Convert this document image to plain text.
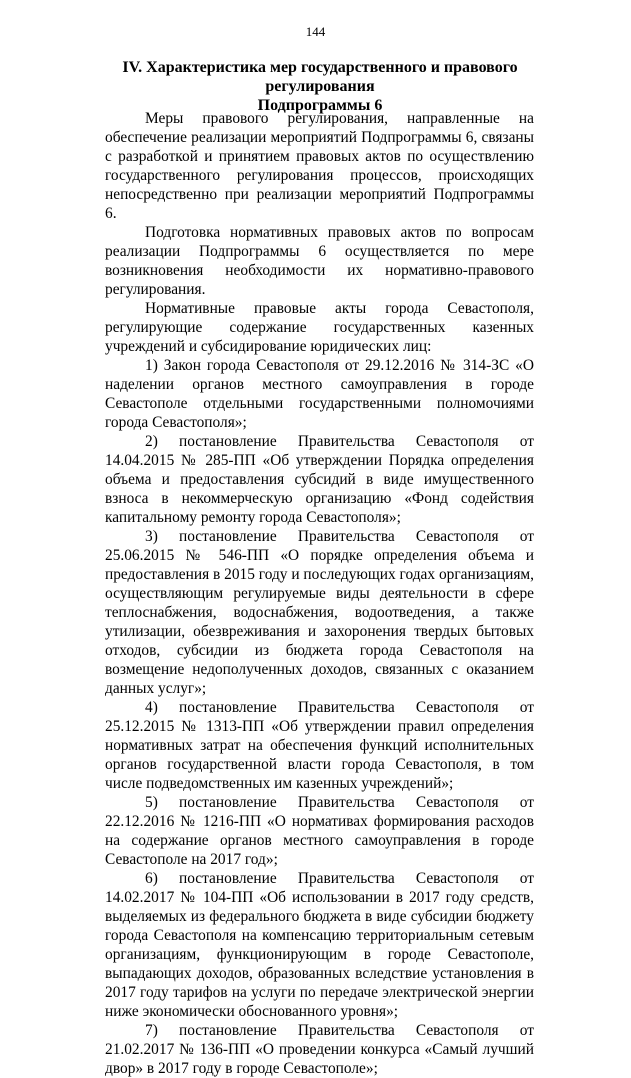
144
IV. Характеристика мер государственного и правового регулирования
Подпрограммы 6

Меры правового регулирования, направленные на обеспечение реализации мероприятий Подпрограммы 6, связаны с разработкой и принятием правовых актов по осуществлению государственного регулирования процессов, происходящих непосредственно при реализации мероприятий Подпрограммы 6.

Подготовка нормативных правовых актов по вопросам реализации Подпрограммы 6 осуществляется по мере возникновения необходимости их нормативно-правового регулирования.

Нормативные правовые акты города Севастополя, регулирующие содержание государственных казенных учреждений и субсидирование юридических лиц:

1) Закон города Севастополя от 29.12.2016 № 314-ЗС «О наделении органов местного самоуправления в городе Севастополе отдельными государственными полномочиями города Севастополя»;

2) постановление Правительства Севастополя от 14.04.2015 № 285-ПП «Об утверждении Порядка определения объема и предоставления субсидий в виде имущественного взноса в некоммерческую организацию «Фонд содействия капитальному ремонту города Севастополя»;

3) постановление Правительства Севастополя от 25.06.2015 № 546-ПП «О порядке определения объема и предоставления в 2015 году и последующих годах организациям, осуществляющим регулируемые виды деятельности в сфере теплоснабжения, водоснабжения, водоотведения, а также утилизации, обезвреживания и захоронения твердых бытовых отходов, субсидии из бюджета города Севастополя на возмещение недополученных доходов, связанных с оказанием данных услуг»;

4) постановление Правительства Севастополя от 25.12.2015 № 1313-ПП «Об утверждении правил определения нормативных затрат на обеспечения функций исполнительных органов государственной власти города Севастополя, в том числе подведомственных им казенных учреждений»;

5) постановление Правительства Севастополя от 22.12.2016 № 1216-ПП «О нормативах формирования расходов на содержание органов местного самоуправления в городе Севастополе на 2017 год»;

6) постановление Правительства Севастополя от 14.02.2017 № 104-ПП «Об использовании в 2017 году средств, выделяемых из федерального бюджета в виде субсидии бюджету города Севастополя на компенсацию территориальным сетевым организациям, функционирующим в городе Севастополе, выпадающих доходов, образованных вследствие установления в 2017 году тарифов на услуги по передаче электрической энергии ниже экономически обоснованного уровня»;

7) постановление Правительства Севастополя от 21.02.2017 № 136-ПП «О проведении конкурса «Самый лучший двор» в 2017 году в городе Севастополе»;
